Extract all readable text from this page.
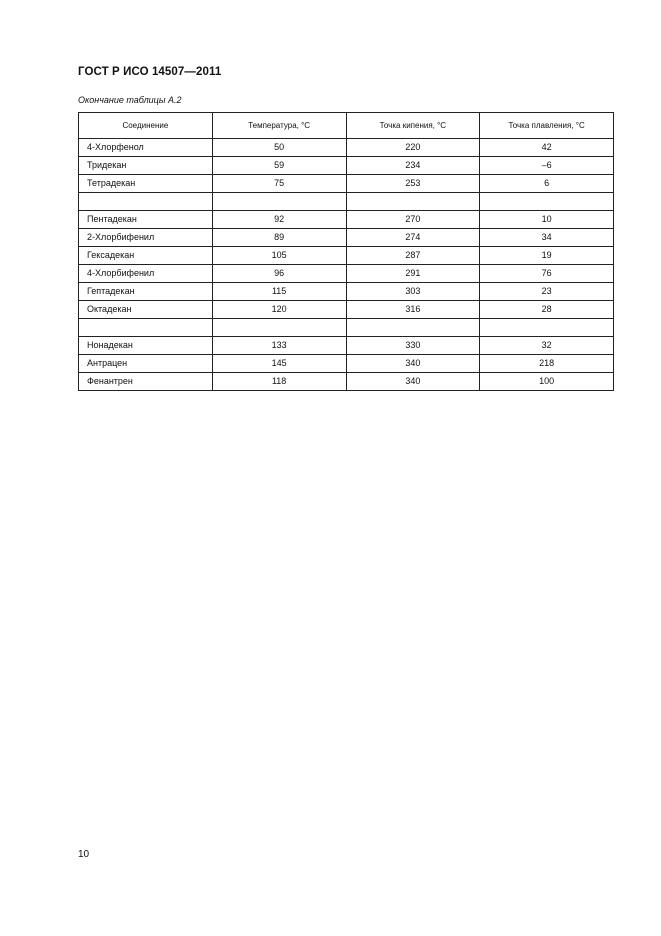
ГОСТ Р ИСО 14507—2011
Окончание таблицы А.2
Соединение	Температура, °С	Точка кипения, °С	Точка плавления, °С
4-Хлорфенол	50	220	42
Тридекан	59	234	–6
Тетрадекан	75	253	6

Пентадекан	92	270	10
2-Хлорбифенил	89	274	34
Гексадекан	105	287	19
4-Хлорбифенил	96	291	76
Гептадекан	115	303	23
Октадекан	120	316	28

Нонадекан	133	330	32
Антрацен	145	340	218
Фенантрен	118	340	100
10
